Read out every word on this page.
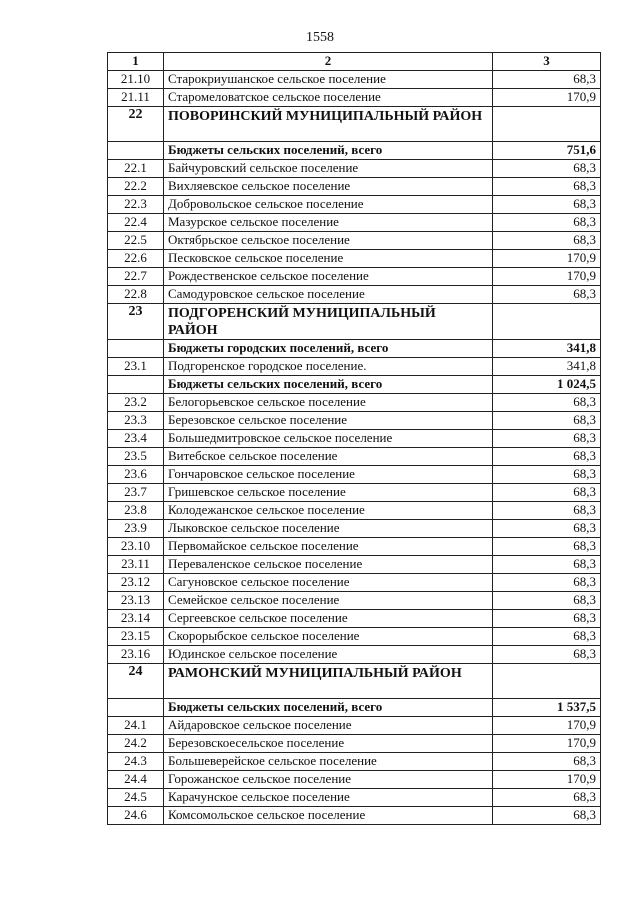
1558
1	2	3
21.10	Старокриушанское сельское поселение	68,3
21.11	Старомеловатское сельское поселение	170,9
22	ПОВОРИНСКИЙ МУНИЦИПАЛЬНЫЙ РАЙОН	
	Бюджеты сельских поселений, всего	751,6
22.1	Байчуровский сельское поселение	68,3
22.2	Вихляевское сельское поселение	68,3
22.3	Добровольское сельское поселение	68,3
22.4	Мазурское сельское поселение	68,3
22.5	Октябрьское сельское поселение	68,3
22.6	Песковское сельское поселение	170,9
22.7	Рождественское сельское поселение	170,9
22.8	Самодуровское сельское поселение	68,3
23	ПОДГОРЕНСКИЙ МУНИЦИПАЛЬНЫЙ РАЙОН	
	Бюджеты городских поселений, всего	341,8
23.1	Подгоренское городское поселение.	341,8
	Бюджеты сельских поселений, всего	1 024,5
23.2	Белогорьевское сельское поселение	68,3
23.3	Березовское сельское поселение	68,3
23.4	Большедмитровское сельское поселение	68,3
23.5	Витебское сельское поселение	68,3
23.6	Гончаровское сельское поселение	68,3
23.7	Гришевское сельское поселение	68,3
23.8	Колодежанское сельское поселение	68,3
23.9	Лыковское сельское поселение	68,3
23.10	Первомайское сельское поселение	68,3
23.11	Переваленское сельское поселение	68,3
23.12	Сагуновское сельское поселение	68,3
23.13	Семейское сельское поселение	68,3
23.14	Сергеевское сельское поселение	68,3
23.15	Скорорыбское сельское поселение	68,3
23.16	Юдинское сельское поселение	68,3
24	РАМОНСКИЙ МУНИЦИПАЛЬНЫЙ РАЙОН	
	Бюджеты сельских поселений, всего	1 537,5
24.1	Айдаровское сельское поселение	170,9
24.2	Березовскоесельское поселение	170,9
24.3	Большеверейское сельское поселение	68,3
24.4	Горожанское сельское поселение	170,9
24.5	Карачунское сельское поселение	68,3
24.6	Комсомольское сельское поселение	68,3
